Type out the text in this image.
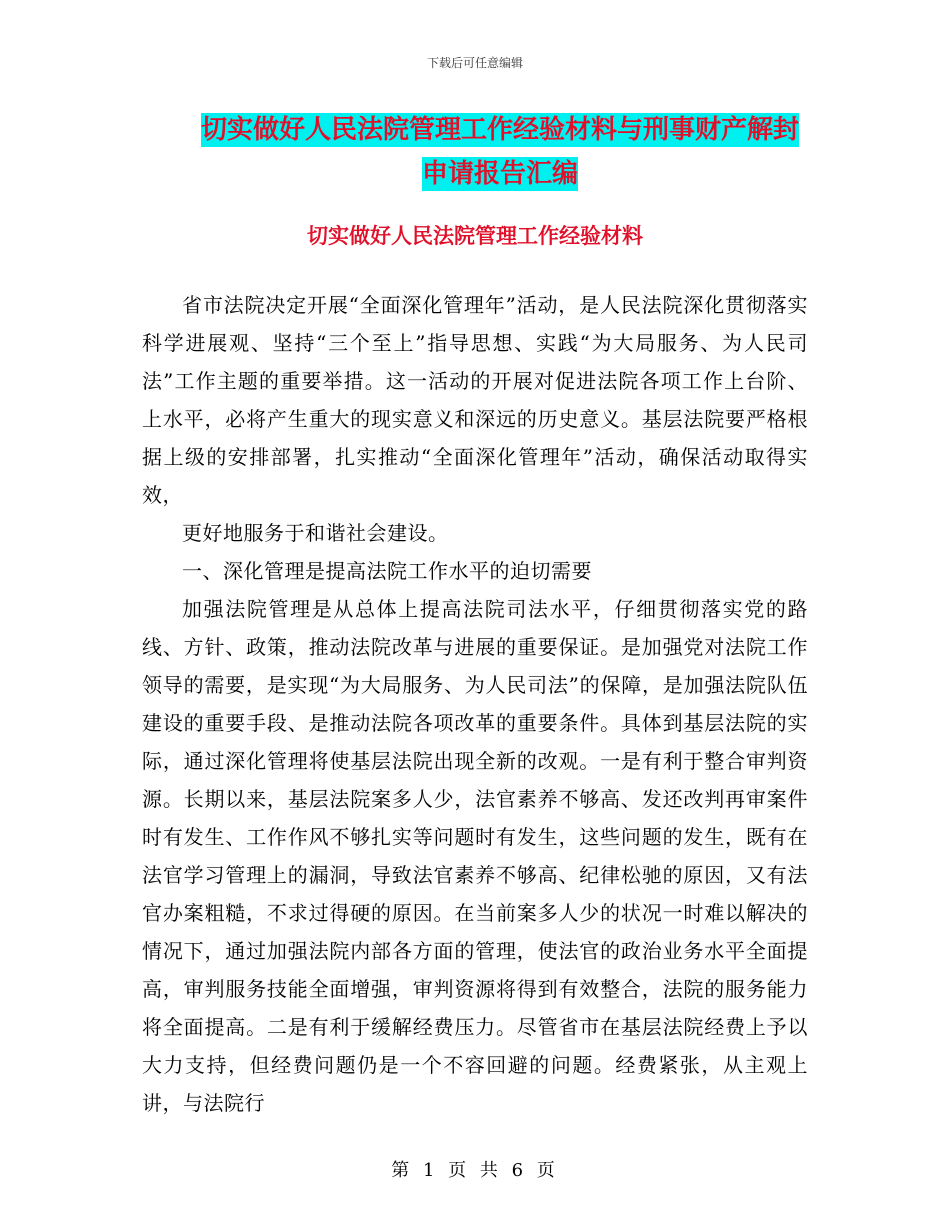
下载后可任意编辑
切实做好人民法院管理工作经验材料与刑事财产解封
申请报告汇编
切实做好人民法院管理工作经验材料

省市法院决定开展“全面深化管理年”活动，是人民法院深化贯彻落实科学进展观、坚持“三个至上”指导思想、实践“为大局服务、为人民司法”工作主题的重要举措。这一活动的开展对促进法院各项工作上台阶、上水平，必将产生重大的现实意义和深远的历史意义。基层法院要严格根据上级的安排部署，扎实推动“全面深化管理年”活动，确保活动取得实效，

更好地服务于和谐社会建设。

一、深化管理是提高法院工作水平的迫切需要

加强法院管理是从总体上提高法院司法水平，仔细贯彻落实党的路线、方针、政策，推动法院改革与进展的重要保证。是加强党对法院工作领导的需要，是实现“为大局服务、为人民司法”的保障，是加强法院队伍建设的重要手段、是推动法院各项改革的重要条件。具体到基层法院的实际，通过深化管理将使基层法院出现全新的改观。一是有利于整合审判资源。长期以来，基层法院案多人少，法官素养不够高、发还改判再审案件时有发生、工作作风不够扎实等问题时有发生，这些问题的发生，既有在法官学习管理上的漏洞，导致法官素养不够高、纪律松驰的原因，又有法官办案粗糙，不求过得硬的原因。在当前案多人少的状况一时难以解决的情况下，通过加强法院内部各方面的管理，使法官的政治业务水平全面提高，审判服务技能全面增强，审判资源将得到有效整合，法院的服务能力将全面提高。二是有利于缓解经费压力。尽管省市在基层法院经费上予以大力支持，但经费问题仍是一个不容回避的问题。经费紧张，从主观上讲，与法院行

第 1 页 共 6 页
